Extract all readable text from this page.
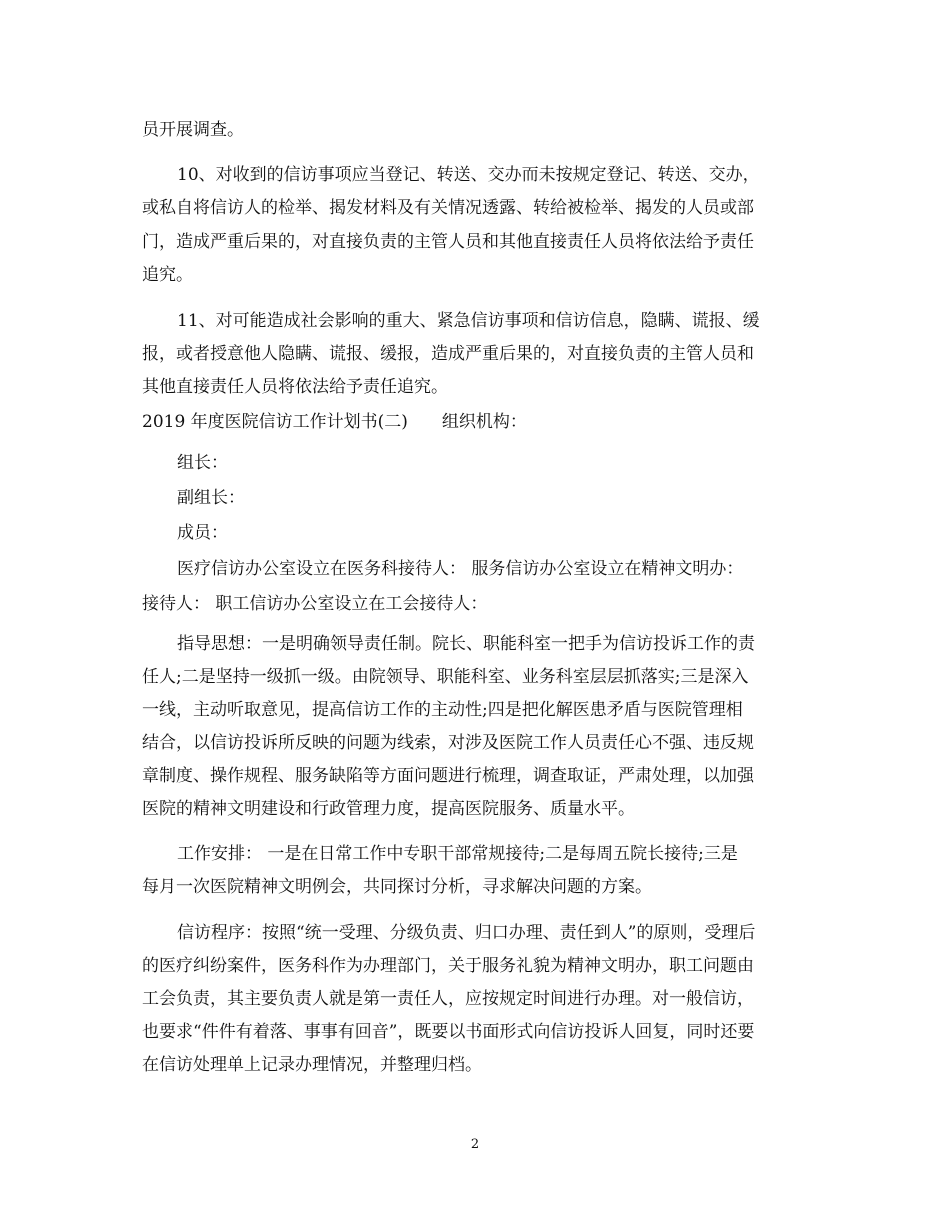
员开展调查。
10、对收到的信访事项应当登记、转送、交办而未按规定登记、转送、交办，
或私自将信访人的检举、揭发材料及有关情况透露、转给被检举、揭发的人员或部
门，造成严重后果的，对直接负责的主管人员和其他直接责任人员将依法给予责任
追究。
11、对可能造成社会影响的重大、紧急信访事项和信访信息，隐瞒、谎报、缓
报，或者授意他人隐瞒、谎报、缓报，造成严重后果的，对直接负责的主管人员和
其他直接责任人员将依法给予责任追究。
2019 年度医院信访工作计划书(二)　　组织机构：
组长：
副组长：
成员：
医疗信访办公室设立在医务科接待人： 服务信访办公室设立在精神文明办：
接待人： 职工信访办公室设立在工会接待人：
指导思想：一是明确领导责任制。院长、职能科室一把手为信访投诉工作的责
任人;二是坚持一级抓一级。由院领导、职能科室、业务科室层层抓落实;三是深入
一线，主动听取意见，提高信访工作的主动性;四是把化解医患矛盾与医院管理相
结合，以信访投诉所反映的问题为线索，对涉及医院工作人员责任心不强、违反规
章制度、操作规程、服务缺陷等方面问题进行梳理，调查取证，严肃处理，以加强
医院的精神文明建设和行政管理力度，提高医院服务、质量水平。
工作安排： 一是在日常工作中专职干部常规接待;二是每周五院长接待;三是
每月一次医院精神文明例会，共同探讨分析，寻求解决问题的方案。
信访程序：按照“统一受理、分级负责、归口办理、责任到人”的原则，受理后
的医疗纠纷案件，医务科作为办理部门，关于服务礼貌为精神文明办，职工问题由
工会负责，其主要负责人就是第一责任人，应按规定时间进行办理。对一般信访，
也要求“件件有着落、事事有回音”，既要以书面形式向信访投诉人回复，同时还要
在信访处理单上记录办理情况，并整理归档。
2
